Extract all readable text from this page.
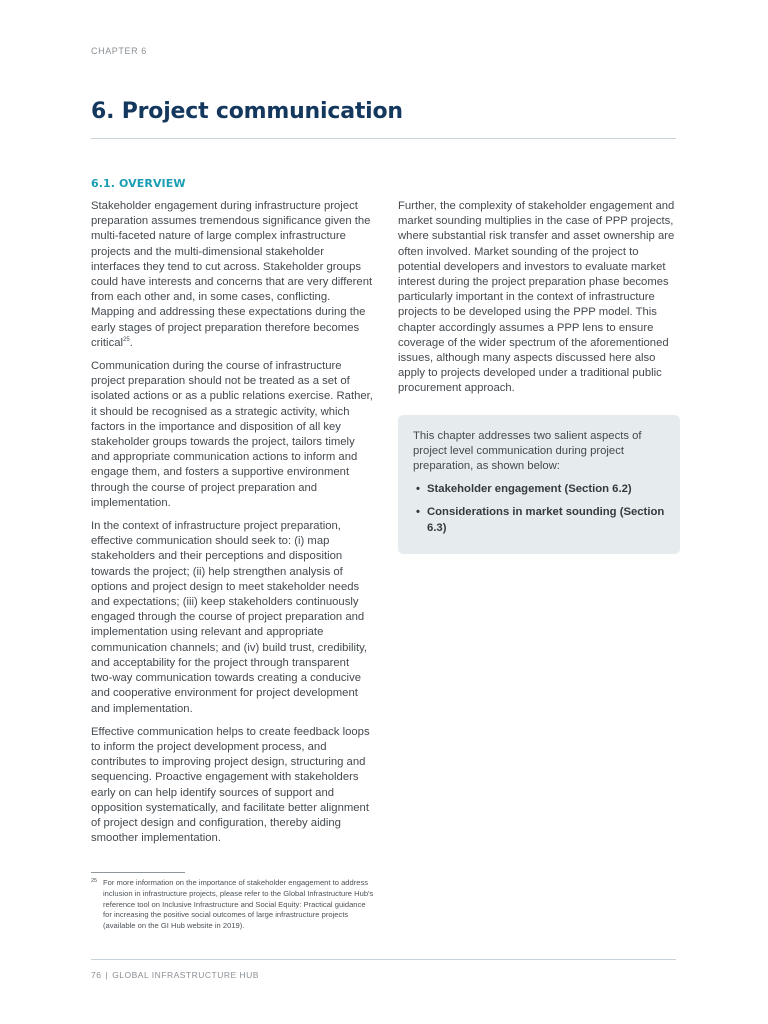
CHAPTER 6
6. Project communication
6.1. OVERVIEW

Stakeholder engagement during infrastructure project preparation assumes tremendous significance given the multi-faceted nature of large complex infrastructure projects and the multi-dimensional stakeholder interfaces they tend to cut across. Stakeholder groups could have interests and concerns that are very different from each other and, in some cases, conflicting. Mapping and addressing these expectations during the early stages of project preparation therefore becomes critical$^{25}$.

Communication during the course of infrastructure project preparation should not be treated as a set of isolated actions or as a public relations exercise. Rather, it should be recognised as a strategic activity, which factors in the importance and disposition of all key stakeholder groups towards the project, tailors timely and appropriate communication actions to inform and engage them, and fosters a supportive environment through the course of project preparation and implementation.

In the context of infrastructure project preparation, effective communication should seek to: (i) map stakeholders and their perceptions and disposition towards the project; (ii) help strengthen analysis of options and project design to meet stakeholder needs and expectations; (iii) keep stakeholders continuously engaged through the course of project preparation and implementation using relevant and appropriate communication channels; and (iv) build trust, credibility, and acceptability for the project through transparent two-way communication towards creating a conducive and cooperative environment for project development and implementation.

Effective communication helps to create feedback loops to inform the project development process, and contributes to improving project design, structuring and sequencing. Proactive engagement with stakeholders early on can help identify sources of support and opposition systematically, and facilitate better alignment of project design and configuration, thereby aiding smoother implementation.

Further, the complexity of stakeholder engagement and market sounding multiplies in the case of PPP projects, where substantial risk transfer and asset ownership are often involved. Market sounding of the project to potential developers and investors to evaluate market interest during the project preparation phase becomes particularly important in the context of infrastructure projects to be developed using the PPP model. This chapter accordingly assumes a PPP lens to ensure coverage of the wider spectrum of the aforementioned issues, although many aspects discussed here also apply to projects developed under a traditional public procurement approach.

This chapter addresses two salient aspects of project level communication during project preparation, as shown below:

• Stakeholder engagement (Section 6.2)
• Considerations in market sounding (Section 6.3)
25 For more information on the importance of stakeholder engagement to address inclusion in infrastructure projects, please refer to the Global Infrastructure Hub's reference tool on Inclusive Infrastructure and Social Equity: Practical guidance for increasing the positive social outcomes of large infrastructure projects (available on the GI Hub website in 2019).
76 | GLOBAL INFRASTRUCTURE HUB
